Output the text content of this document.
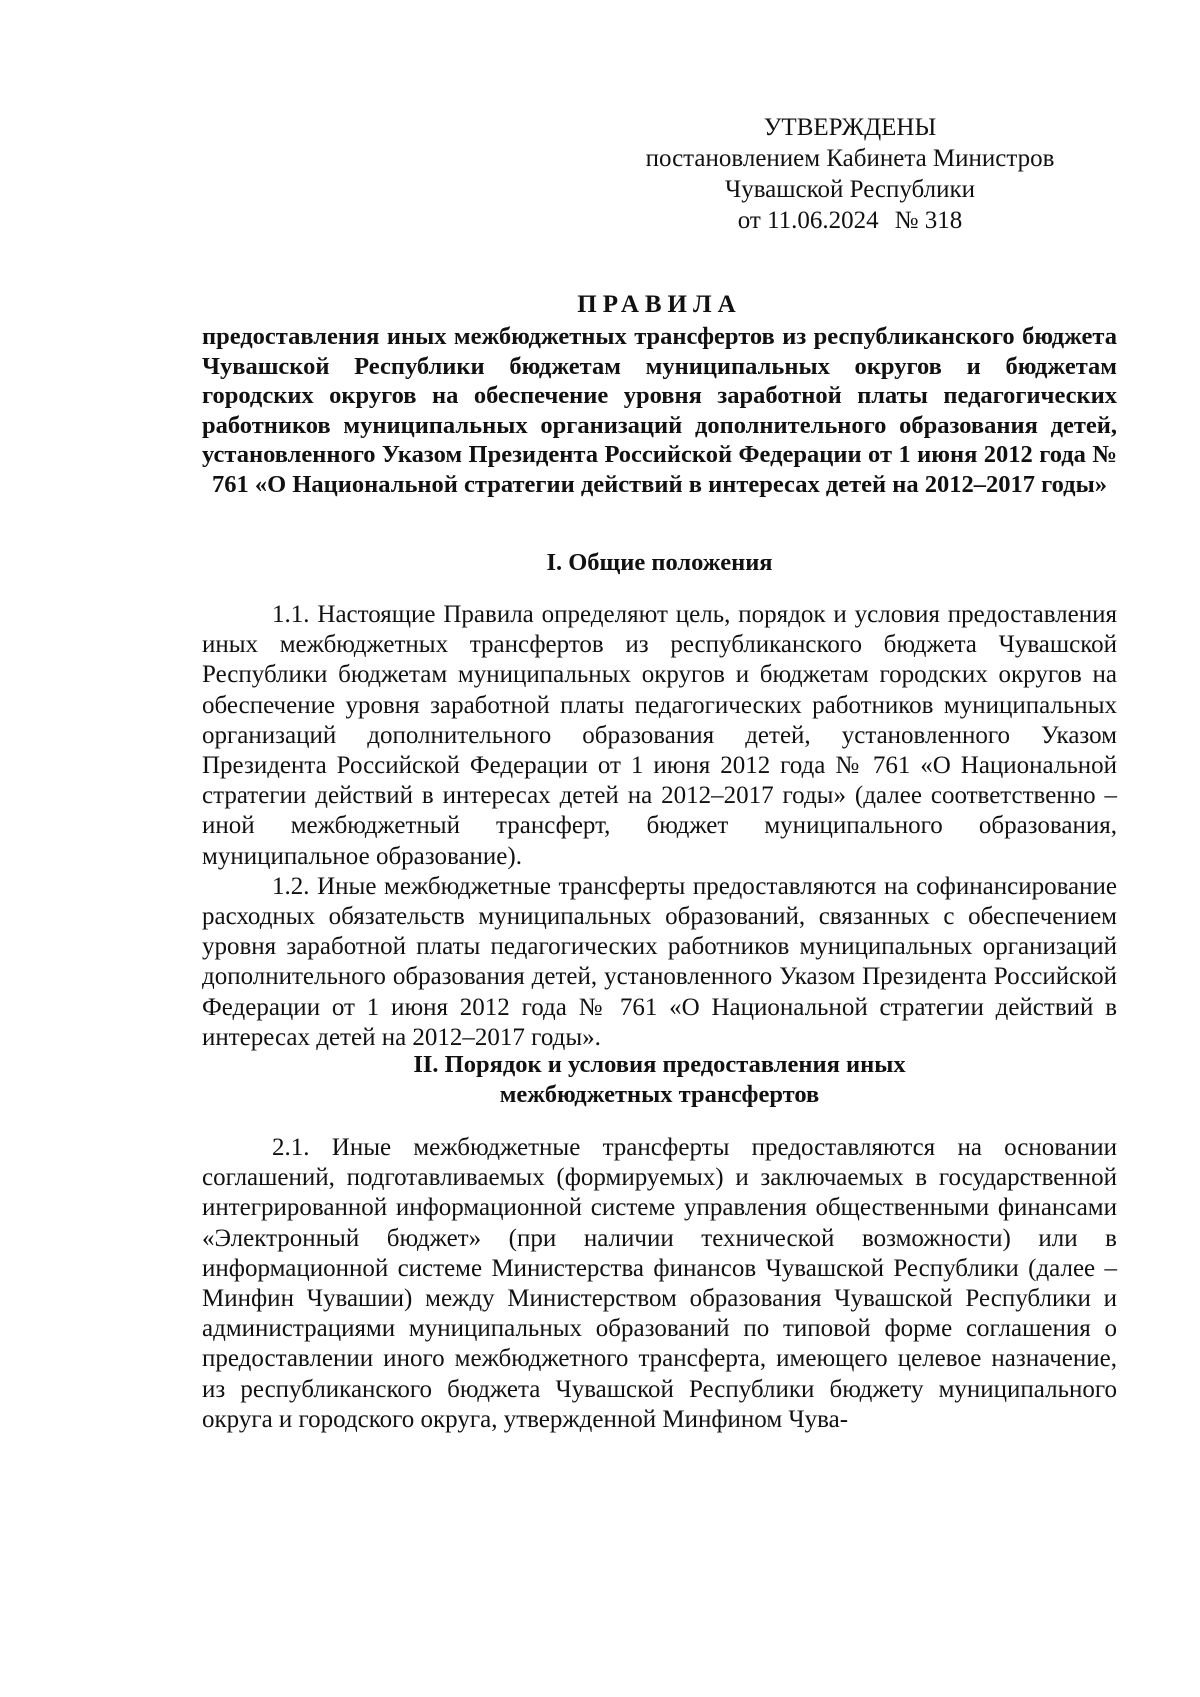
УТВЕРЖДЕНЫ
постановлением Кабинета Министров
Чувашской Республики
от 11.06.2024 № 318
ПРАВИЛА

предоставления иных межбюджетных трансфертов из республиканского бюджета Чувашской Республики бюджетам муниципальных округов и бюджетам городских округов на обеспечение уровня заработной платы педагогических работников муниципальных организаций дополнительного образования детей, установленного Указом Президента Российской Федерации от 1 июня 2012 года № 761 «О Национальной стратегии действий в интересах детей на 2012–2017 годы»

I. Общие положения

1.1. Настоящие Правила определяют цель, порядок и условия предоставления иных межбюджетных трансфертов из республиканского бюджета Чувашской Республики бюджетам муниципальных округов и бюджетам городских округов на обеспечение уровня заработной платы педагогических работников муниципальных организаций дополнительного образования детей, установленного Указом Президента Российской Федерации от 1 июня 2012 года № 761 «О Национальной стратегии действий в интересах детей на 2012–2017 годы» (далее соответственно – иной межбюджетный трансферт, бюджет муниципального образования, муниципальное образование).

1.2. Иные межбюджетные трансферты предоставляются на софинансирование расходных обязательств муниципальных образований, связанных с обеспечением уровня заработной платы педагогических работников муниципальных организаций дополнительного образования детей, установленного Указом Президента Российской Федерации от 1 июня 2012 года № 761 «О Национальной стратегии действий в интересах детей на 2012–2017 годы».

II. Порядок и условия предоставления иных
межбюджетных трансфертов

2.1. Иные межбюджетные трансферты предоставляются на основании соглашений, подготавливаемых (формируемых) и заключаемых в государственной интегрированной информационной системе управления общественными финансами «Электронный бюджет» (при наличии технической возможности) или в информационной системе Министерства финансов Чувашской Республики (далее – Минфин Чувашии) между Министерством образования Чувашской Республики и администрациями муниципальных образований по типовой форме соглашения о предоставлении иного межбюджетного трансферта, имеющего целевое назначение, из республиканского бюджета Чувашской Республики бюджету муниципального округа и городского округа, утвержденной Минфином Чува-
